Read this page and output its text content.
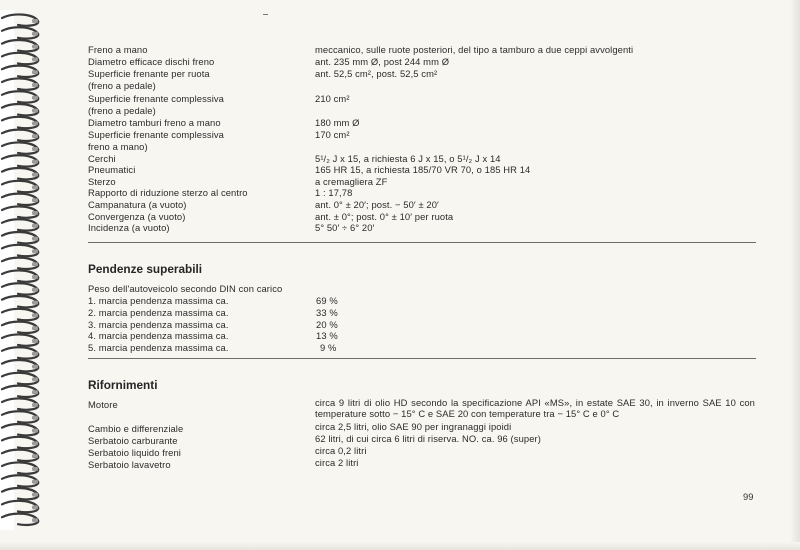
Freno a mano	meccanico, sulle ruote posteriori, del tipo a tamburo a due ceppi avvolgenti
Diametro efficace dischi freno	ant. 235 mm Ø, post 244 mm Ø
Superficie frenante per ruota	ant. 52,5 cm², post. 52,5 cm²
(freno a pedale)
Superficie frenante complessiva	210 cm²
(freno a pedale)
Diametro tamburi freno a mano	180 mm Ø
Superficie frenante complessiva	170 cm²
freno a mano)
Cerchi	5¹/₂ J x 15, a richiesta 6 J x 15, o 5¹/₂ J x 14
Pneumatici	165 HR 15, a richiesta 185/70 VR 70, o 185 HR 14
Sterzo	a cremagliera ZF
Rapporto di riduzione sterzo al centro	1 : 17,78
Campanatura (a vuoto)	ant. 0° ± 20′; post. − 50′ ± 20′
Convergenza (a vuoto)	ant. ± 0°; post. 0° ± 10′ per ruota
Incidenza (a vuoto)	5° 50′ ÷ 6° 20′
Pendenze superabili
Peso dell'autoveicolo secondo DIN con carico
1. marcia pendenza massima ca.	69 %
2. marcia pendenza massima ca.	33 %
3. marcia pendenza massima ca.	20 %
4. marcia pendenza massima ca.	13 %
5. marcia pendenza massima ca.	9 %
Rifornimenti
Motore	circa 9 litri di olio HD secondo la specificazione API «MS», in estate SAE 30, in inverno SAE 10 con temperature sotto − 15° C e SAE 20 con temperature tra − 15° C e 0° C
Cambio e differenziale	circa 2,5 litri, olio SAE 90 per ingranaggi ipoidi
Serbatoio carburante	62 litri, di cui circa 6 litri di riserva. NO. ca. 96 (super)
Serbatoio liquido freni	circa 0,2 litri
Serbatoio lavavetro	circa 2 litri
99
